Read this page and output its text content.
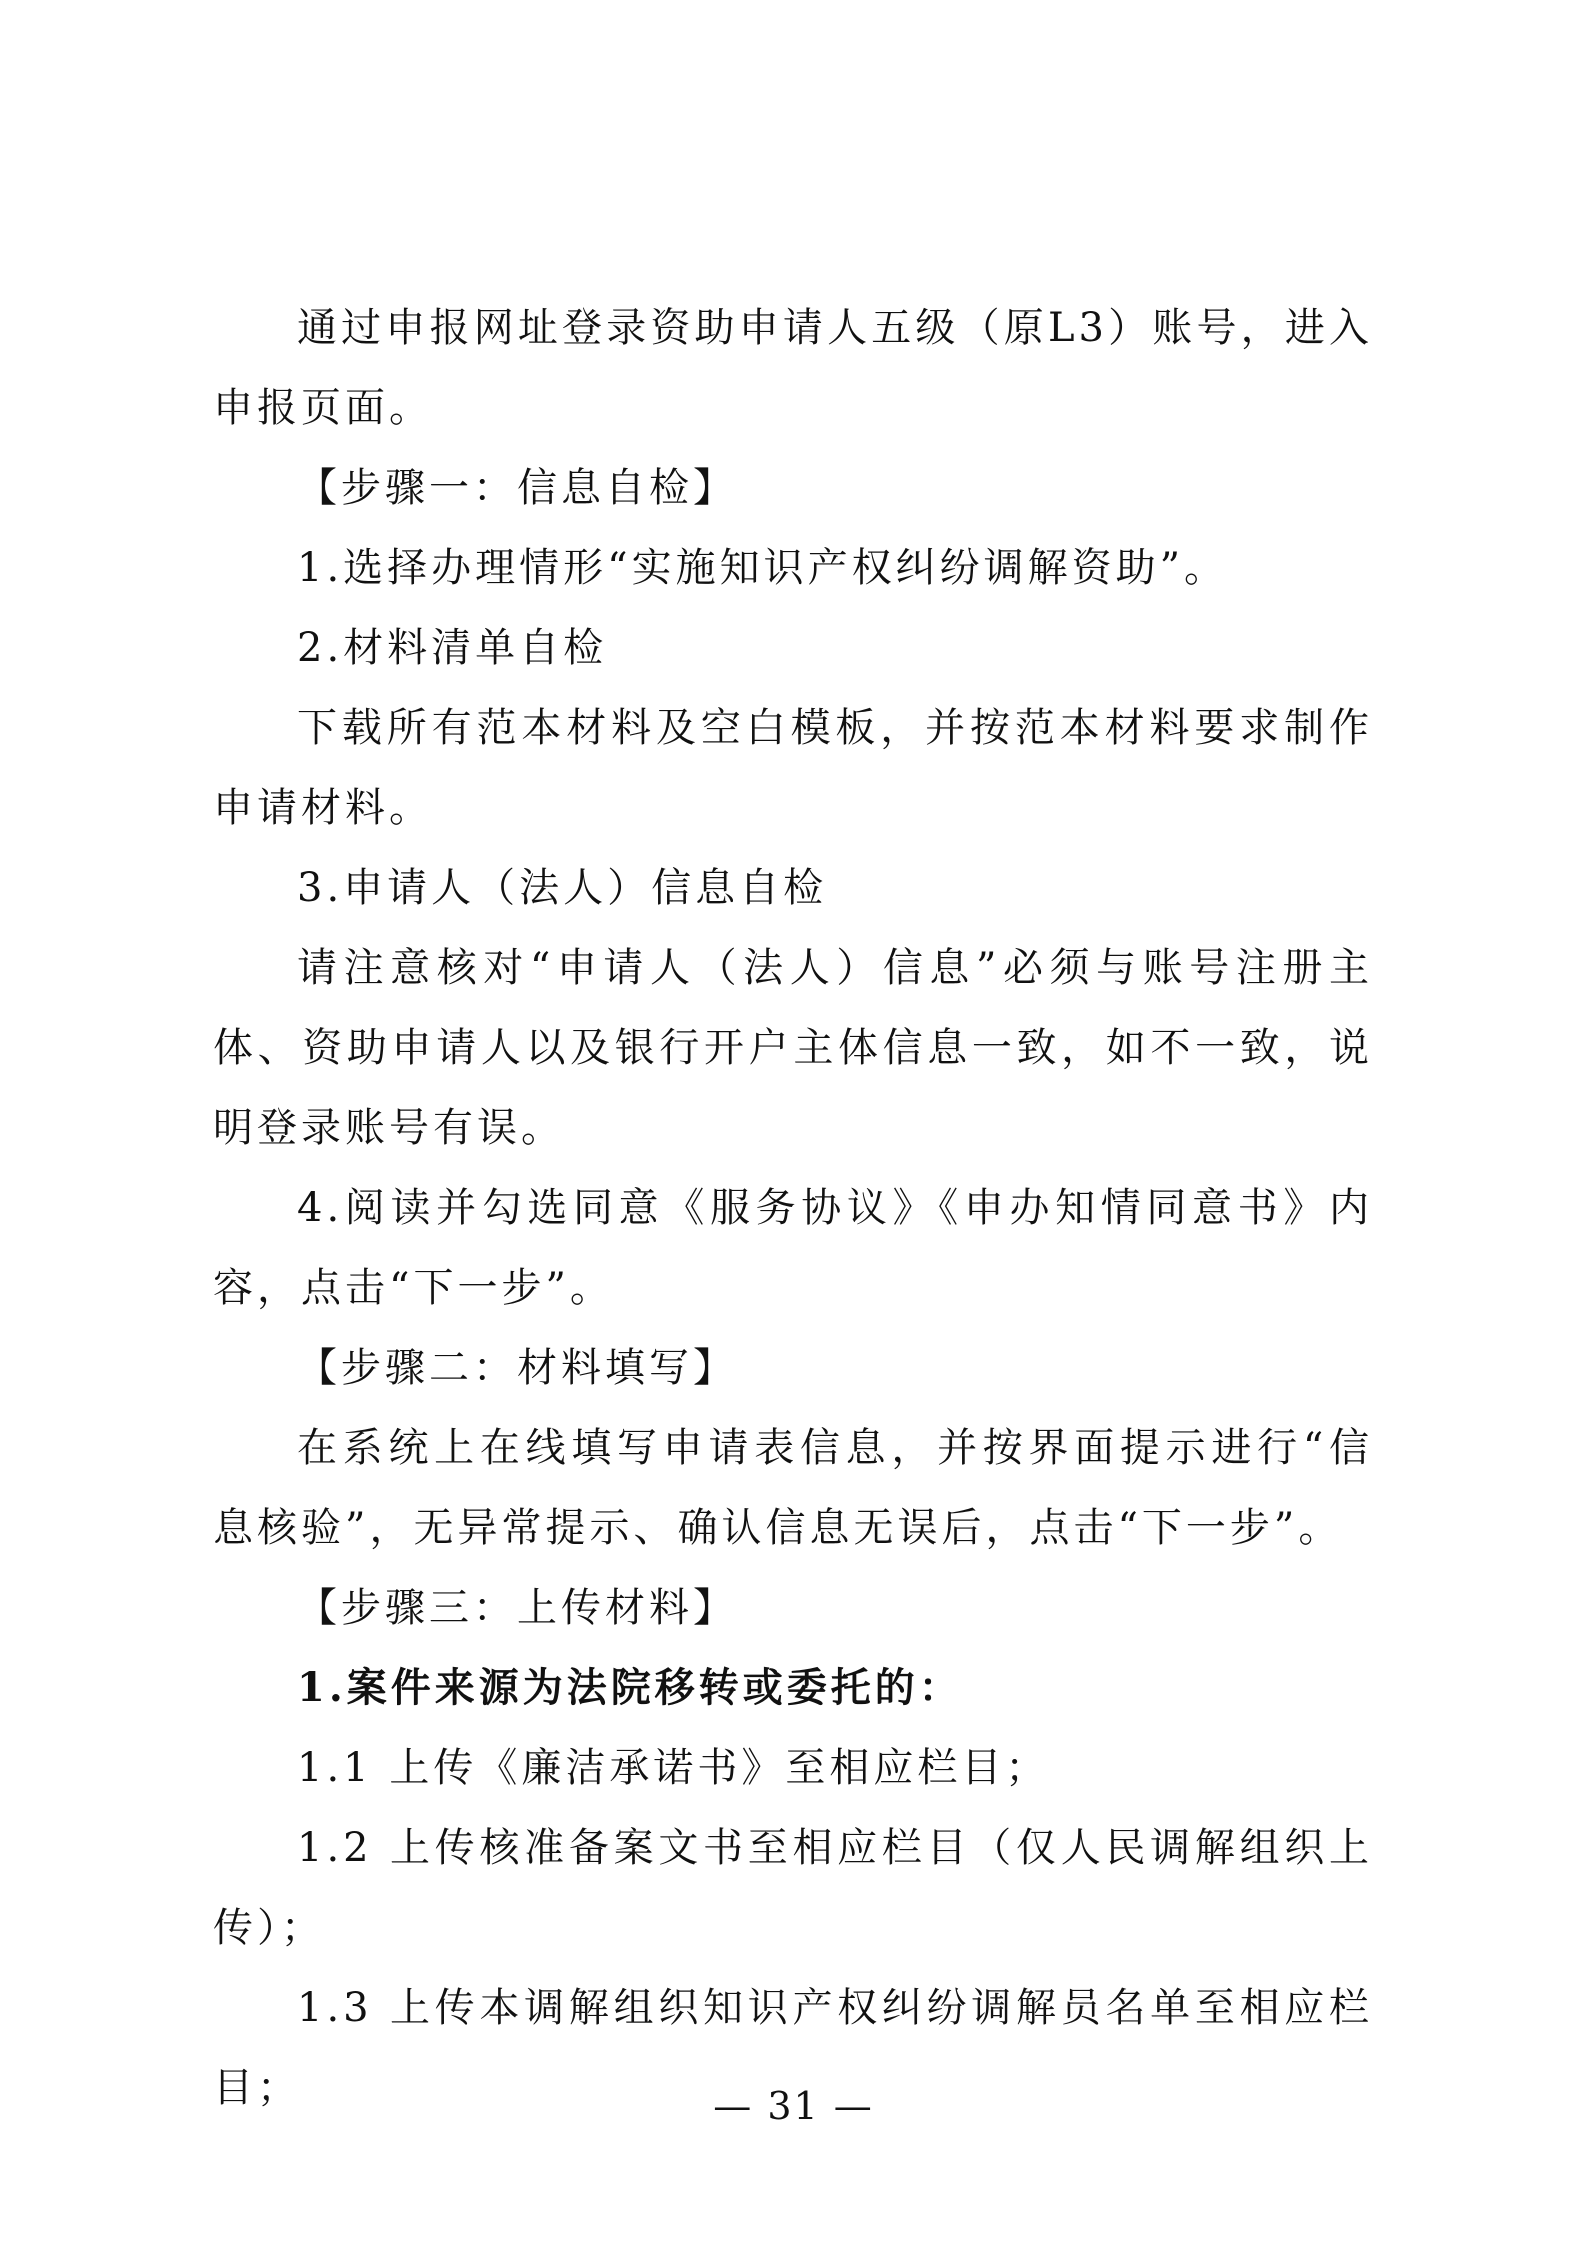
通过申报网址登录资助申请人五级（原L3）账号，进入申报页面。

【步骤一：信息自检】

1.选择办理情形“实施知识产权纠纷调解资助”。

2.材料清单自检

下载所有范本材料及空白模板，并按范本材料要求制作申请材料。

3.申请人（法人）信息自检

请注意核对“申请人（法人）信息”必须与账号注册主体、资助申请人以及银行开户主体信息一致，如不一致，说明登录账号有误。

4.阅读并勾选同意《服务协议》《申办知情同意书》内容，点击“下一步”。

【步骤二：材料填写】

在系统上在线填写申请表信息，并按界面提示进行“信息核验”，无异常提示、确认信息无误后，点击“下一步”。

【步骤三：上传材料】

1.案件来源为法院移转或委托的：

1.1 上传《廉洁承诺书》至相应栏目；

1.2 上传核准备案文书至相应栏目（仅人民调解组织上传）；

1.3 上传本调解组织知识产权纠纷调解员名单至相应栏目；	— 31 —
